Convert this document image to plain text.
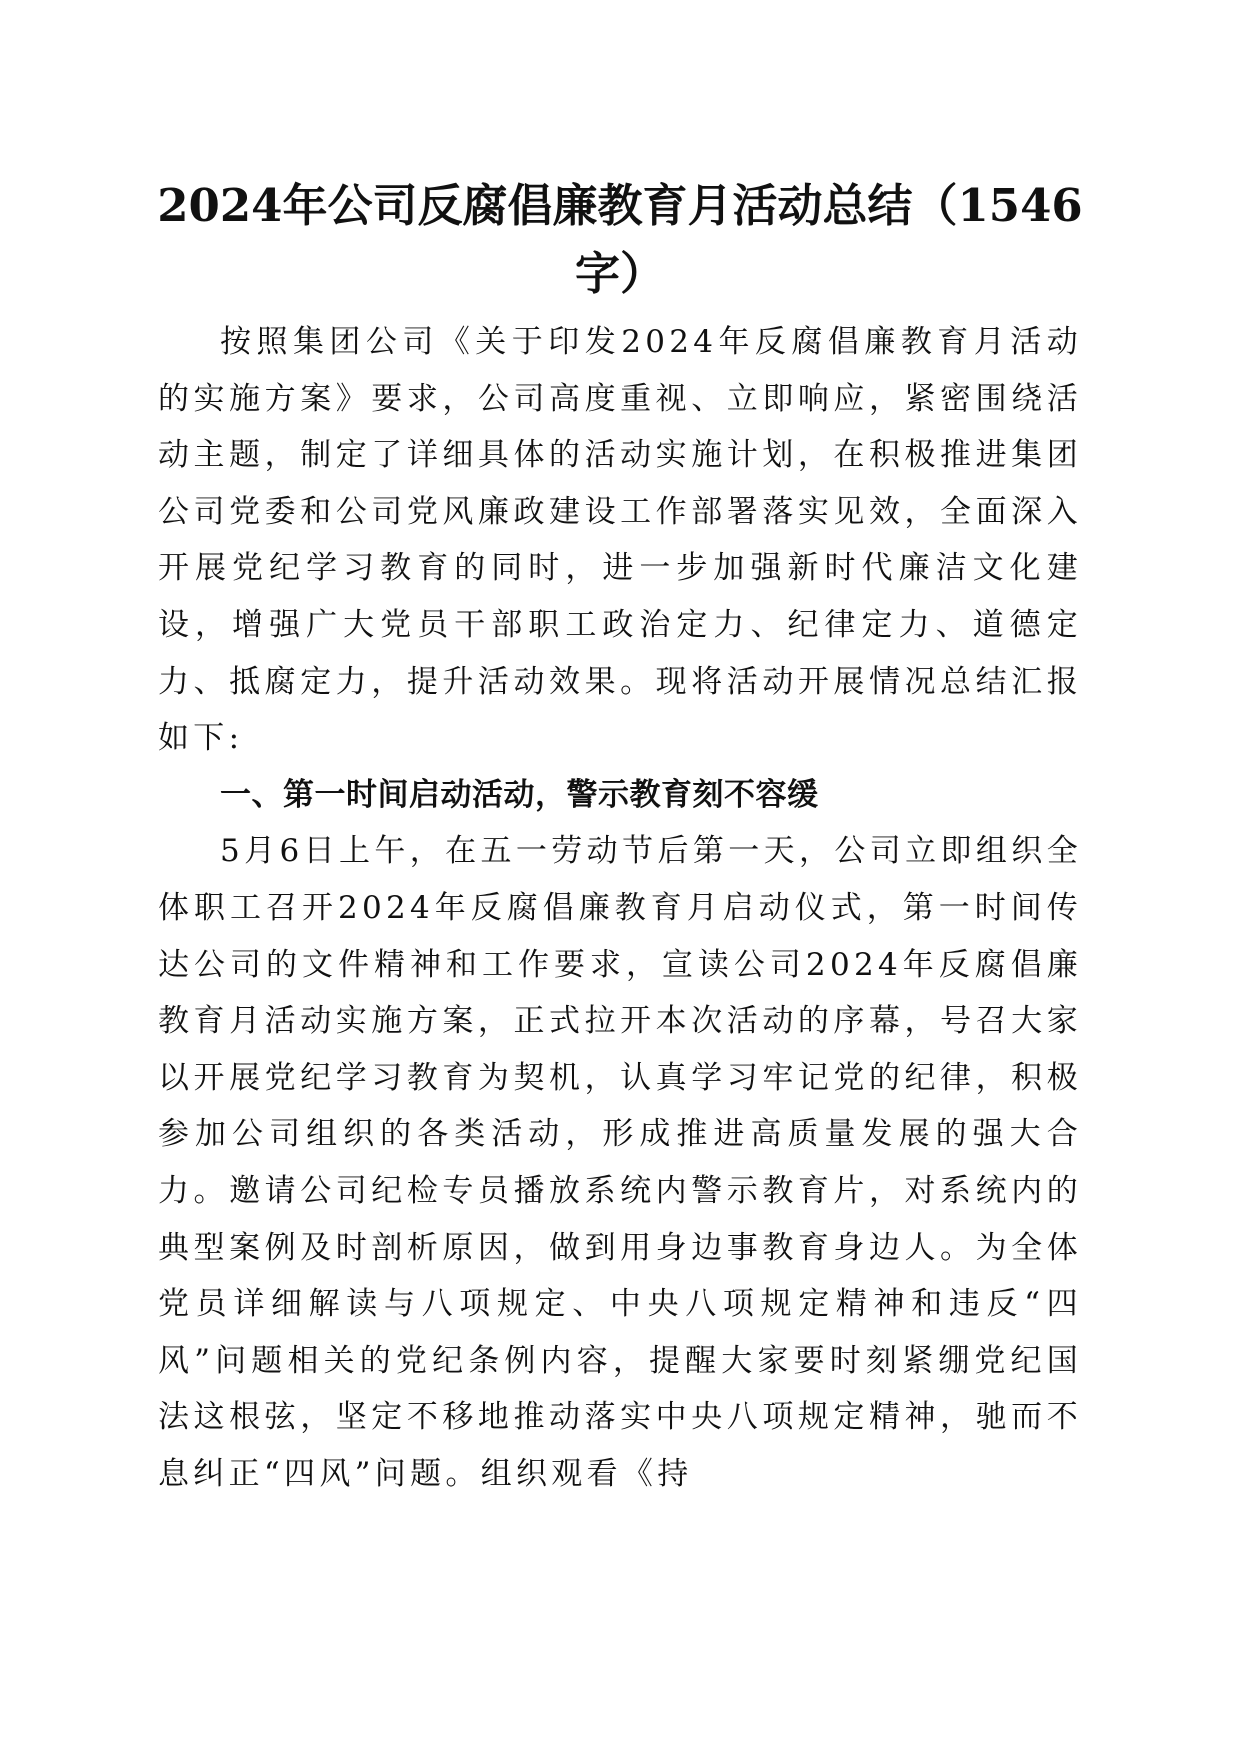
2024年公司反腐倡廉教育月活动总结（1546字）

按照集团公司《关于印发2024年反腐倡廉教育月活动的实施方案》要求，公司高度重视、立即响应，紧密围绕活动主题，制定了详细具体的活动实施计划，在积极推进集团公司党委和公司党风廉政建设工作部署落实见效，全面深入开展党纪学习教育的同时，进一步加强新时代廉洁文化建设，增强广大党员干部职工政治定力、纪律定力、道德定力、抵腐定力，提升活动效果。现将活动开展情况总结汇报如下:

一、第一时间启动活动，警示教育刻不容缓

5月6日上午，在五一劳动节后第一天，公司立即组织全体职工召开2024年反腐倡廉教育月启动仪式，第一时间传达公司的文件精神和工作要求，宣读公司2024年反腐倡廉教育月活动实施方案，正式拉开本次活动的序幕，号召大家以开展党纪学习教育为契机，认真学习牢记党的纪律，积极参加公司组织的各类活动，形成推进高质量发展的强大合力。邀请公司纪检专员播放系统内警示教育片，对系统内的典型案例及时剖析原因，做到用身边事教育身边人。为全体党员详细解读与八项规定、中央八项规定精神和违反“四风”问题相关的党纪条例内容，提醒大家要时刻紧绷党纪国法这根弦，坚定不移地推动落实中央八项规定精神，驰而不息纠正“四风”问题。组织观看《持
